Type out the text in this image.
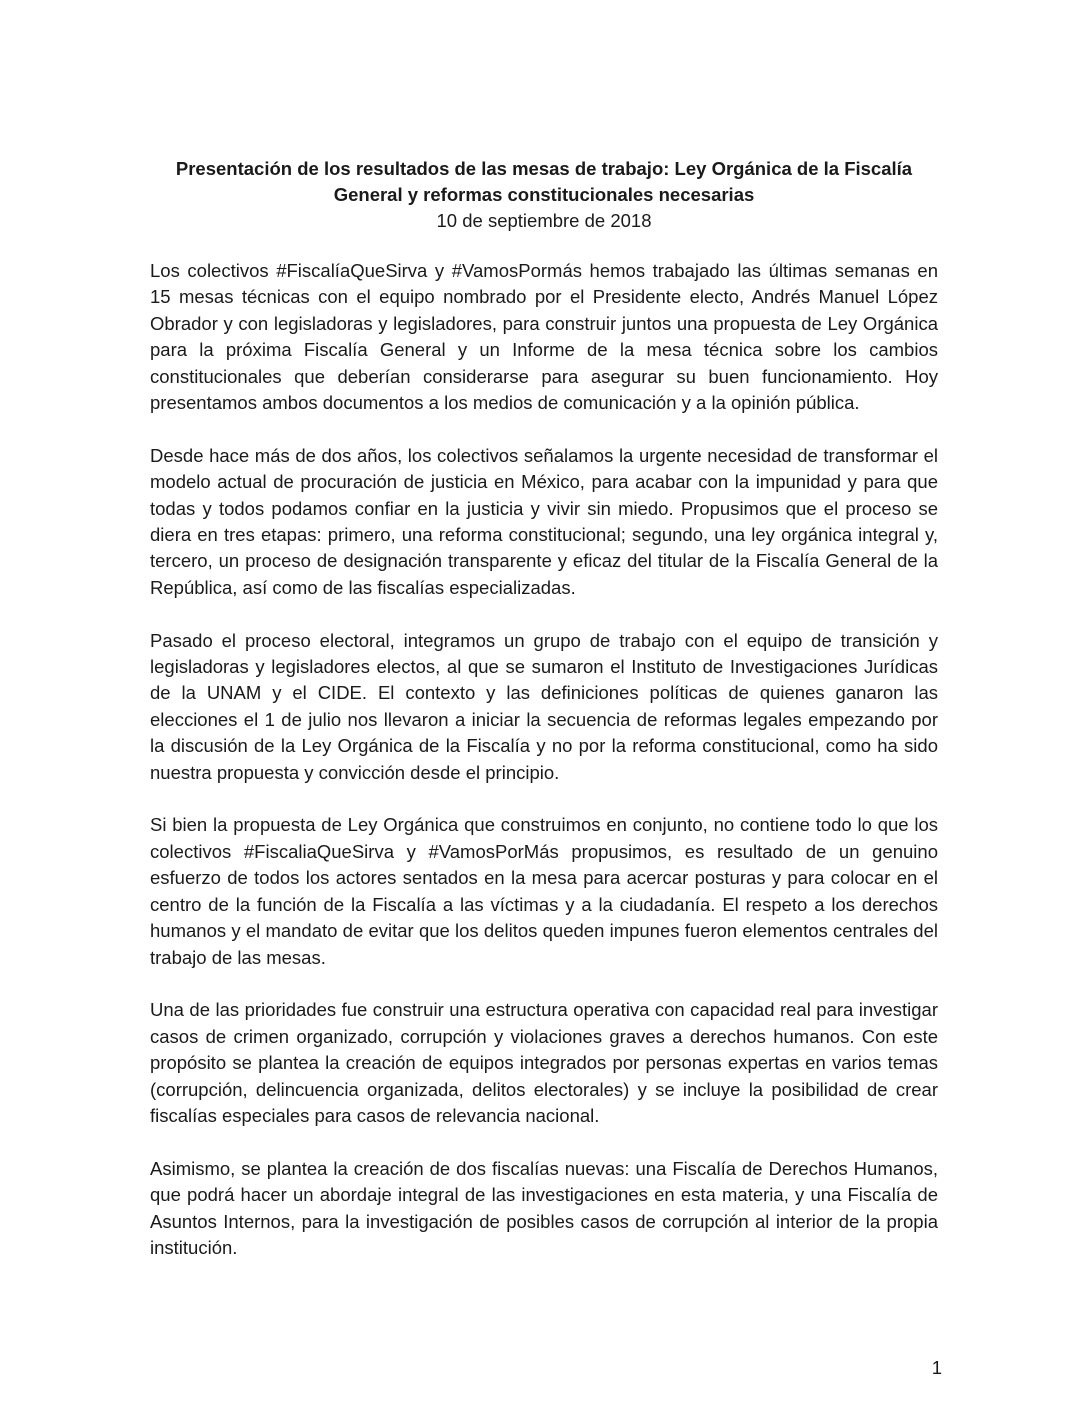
Presentación de los resultados de las mesas de trabajo: Ley Orgánica de la Fiscalía General y reformas constitucionales necesarias
10 de septiembre de 2018

Los colectivos #FiscalíaQueSirva y #VamosPormás hemos trabajado las últimas semanas en 15 mesas técnicas con el equipo nombrado por el Presidente electo, Andrés Manuel López Obrador y con legisladoras y legisladores, para construir juntos una propuesta de Ley Orgánica para la próxima Fiscalía General y un Informe de la mesa técnica sobre los cambios constitucionales que deberían considerarse para asegurar su buen funcionamiento. Hoy presentamos ambos documentos a los medios de comunicación y a la opinión pública.

Desde hace más de dos años, los colectivos señalamos la urgente necesidad de transformar el modelo actual de procuración de justicia en México, para acabar con la impunidad y para que todas y todos podamos confiar en la justicia y vivir sin miedo. Propusimos que el proceso se diera en tres etapas: primero, una reforma constitucional; segundo, una ley orgánica integral y, tercero, un proceso de designación transparente y eficaz del titular de la Fiscalía General de la República, así como de las fiscalías especializadas.

Pasado el proceso electoral, integramos un grupo de trabajo con el equipo de transición y legisladoras y legisladores electos, al que se sumaron el Instituto de Investigaciones Jurídicas de la UNAM y el CIDE. El contexto y las definiciones políticas de quienes ganaron las elecciones el 1 de julio nos llevaron a iniciar la secuencia de reformas legales empezando por la discusión de la Ley Orgánica de la Fiscalía y no por la reforma constitucional, como ha sido nuestra propuesta y convicción desde el principio.

Si bien la propuesta de Ley Orgánica que construimos en conjunto, no contiene todo lo que los colectivos #FiscaliaQueSirva y #VamosPorMás propusimos, es resultado de un genuino esfuerzo de todos los actores sentados en la mesa para acercar posturas y para colocar en el centro de la función de la Fiscalía a las víctimas y a la ciudadanía. El respeto a los derechos humanos y el mandato de evitar que los delitos queden impunes fueron elementos centrales del trabajo de las mesas.

Una de las prioridades fue construir una estructura operativa con capacidad real para investigar casos de crimen organizado, corrupción y violaciones graves a derechos humanos. Con este propósito se plantea la creación de equipos integrados por personas expertas en varios temas (corrupción, delincuencia organizada, delitos electorales) y se incluye la posibilidad de crear fiscalías especiales para casos de relevancia nacional.

Asimismo, se plantea la creación de dos fiscalías nuevas: una Fiscalía de Derechos Humanos, que podrá hacer un abordaje integral de las investigaciones en esta materia, y una Fiscalía de Asuntos Internos, para la investigación de posibles casos de corrupción al interior de la propia institución.

1
